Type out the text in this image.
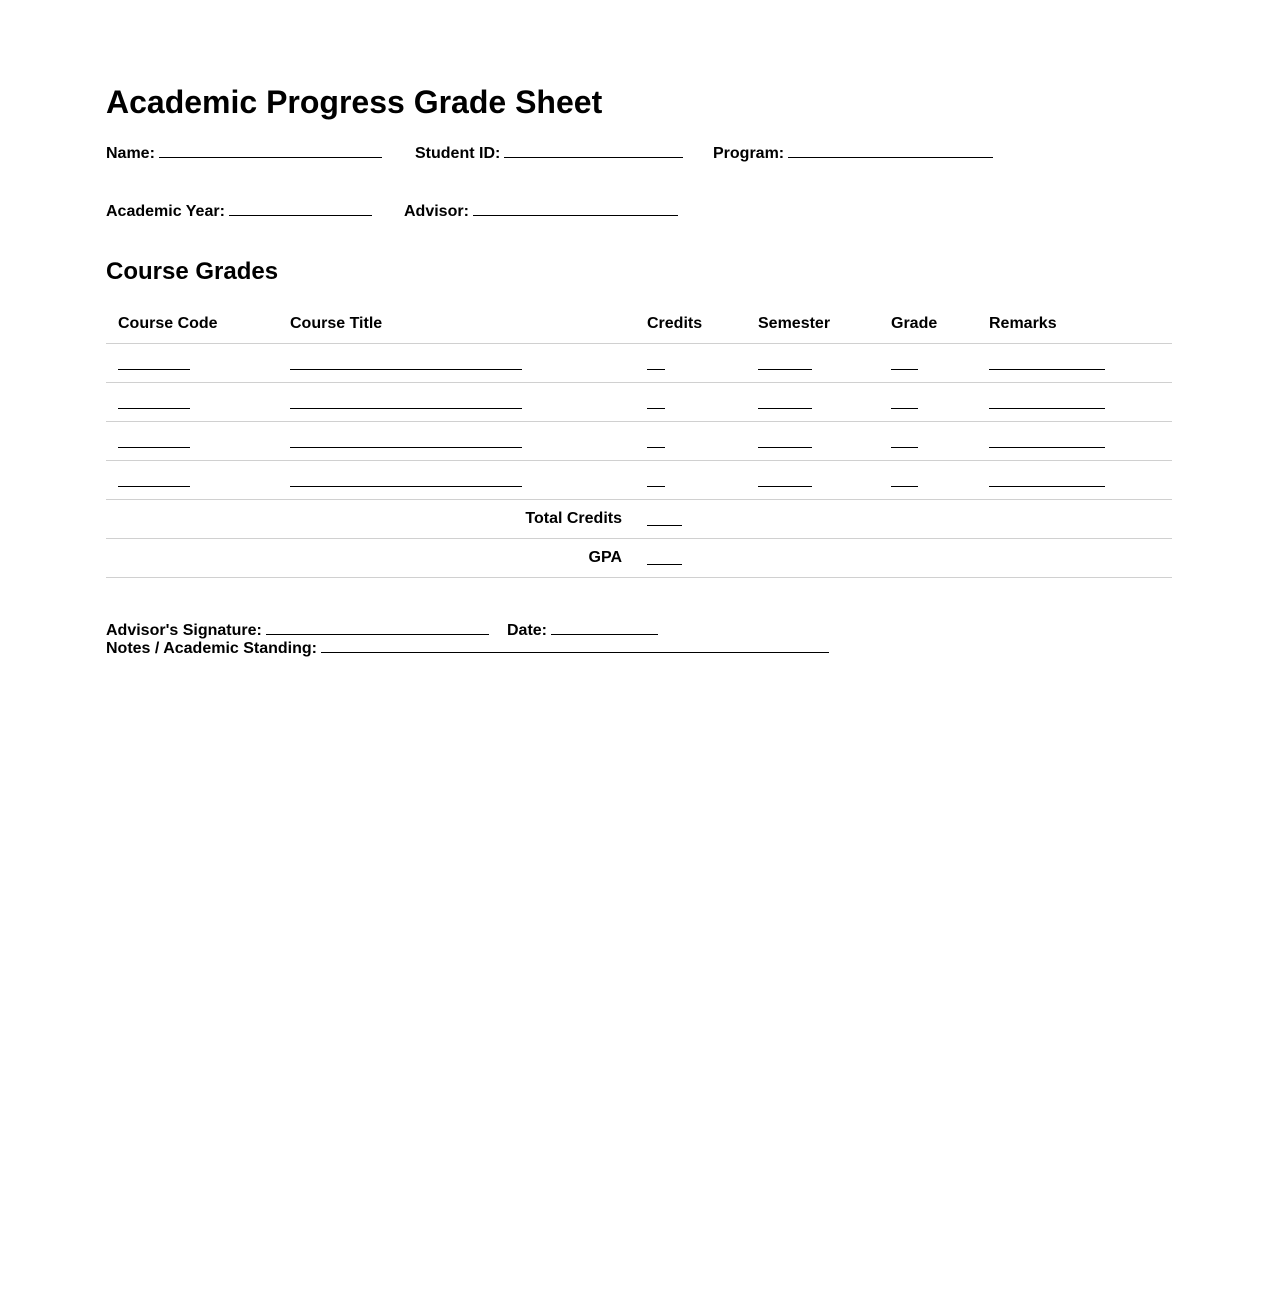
Academic Progress Grade Sheet
Name:	Student ID:	Program:
Academic Year:	Advisor:
Course Grades
Course Code	Course Title	Credits	Semester	Grade	Remarks

Total Credits					
GPA					
Advisor's Signature:	Date:
Notes / Academic Standing:
